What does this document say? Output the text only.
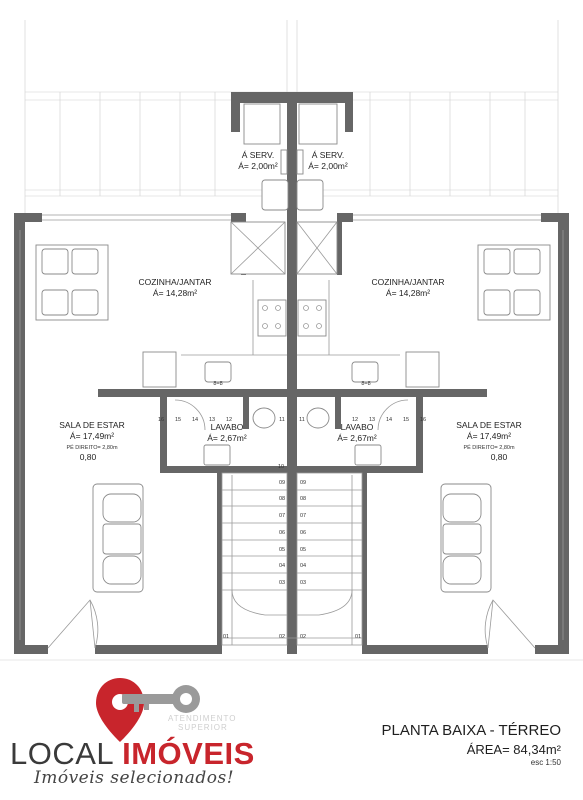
Á SERV.
Á= 2,00m²
Á SERV.
Á= 2,00m²
COZINHA/JANTAR
Á= 14,28m²
COZINHA/JANTAR
Á= 14,28m²
SALA DE ESTAR
Á= 17,49m²
PÉ DIREITO= 2,80m
0,80
SALA DE ESTAR
Á= 17,49m²
PÉ DIREITO= 2,80m
0,80
LAVABO
Á= 2,67m²
LAVABO
Á= 2,67m²
8=8	8=8
10
16 15 14 13 12	11	11	12 13 14 15 16
09
08
07
06
05
04
03
09
08
07
06
05
04
03
01	02	02	01
ATENDIMENTO
SUPERIOR
LOCAL IMÓVEIS
Imóveis selecionados!
PLANTA BAIXA - TÉRREO
ÁREA= 84,34m²
esc 1:50
